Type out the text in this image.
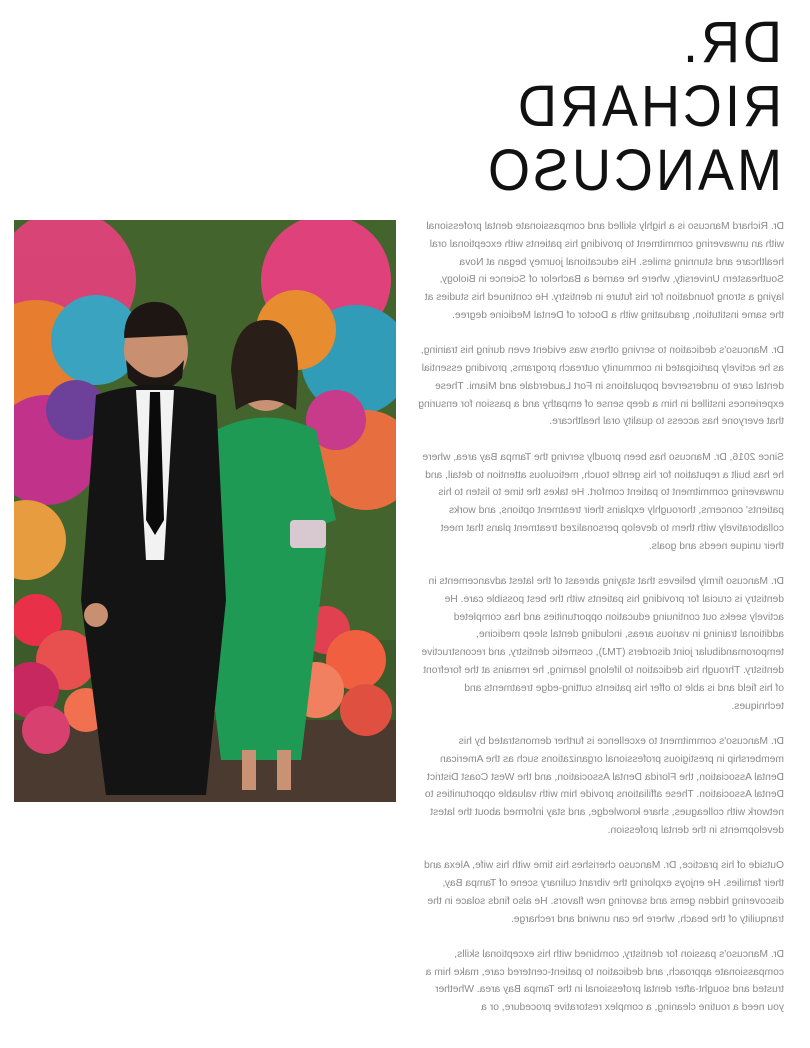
DR.
RICHARD
MANCUSO

Dr. Richard Mancuso is a highly skilled and compassionate dental professional with an unwavering commitment to providing his patients with exceptional oral healthcare and stunning smiles. His educational journey began at Nova Southeastern University, where he earned a Bachelor of Science in Biology, laying a strong foundation for his future in dentistry. He continued his studies at the same institution, graduating with a Doctor of Dental Medicine degree.

Dr. Mancuso's dedication to serving others was evident even during his training, as he actively participated in community outreach programs, providing essential dental care to underserved populations in Fort Lauderdale and Miami. These experiences instilled in him a deep sense of empathy and a passion for ensuring that everyone has access to quality oral healthcare.

Since 2016, Dr. Mancuso has been proudly serving the Tampa Bay area, where he has built a reputation for his gentle touch, meticulous attention to detail, and unwavering commitment to patient comfort. He takes the time to listen to his patients' concerns, thoroughly explains their treatment options, and works collaboratively with them to develop personalized treatment plans that meet their unique needs and goals.

Dr. Mancuso firmly believes that staying abreast of the latest advancements in dentistry is crucial for providing his patients with the best possible care. He actively seeks out continuing education opportunities and has completed additional training in various areas, including dental sleep medicine, temporomandibular joint disorders (TMJ), cosmetic dentistry, and reconstructive dentistry. Through his dedication to lifelong learning, he remains at the forefront of his field and is able to offer his patients cutting-edge treatments and techniques.

Dr. Mancuso's commitment to excellence is further demonstrated by his membership in prestigious professional organizations such as the American Dental Association, the Florida Dental Association, and the West Coast District Dental Association. These affiliations provide him with valuable opportunities to network with colleagues, share knowledge, and stay informed about the latest developments in the dental profession.

Outside of his practice, Dr. Mancuso cherishes his time with his wife, Alexa and their families. He enjoys exploring the vibrant culinary scene of Tampa Bay, discovering hidden gems and savoring new flavors. He also finds solace in the tranquility of the beach, where he can unwind and recharge.

Dr. Mancuso's passion for dentistry, combined with his exceptional skills, compassionate approach, and dedication to patient-centered care, make him a trusted and sought-after dental professional in the Tampa Bay area. Whether you need a routine cleaning, a complex restorative procedure, or a
